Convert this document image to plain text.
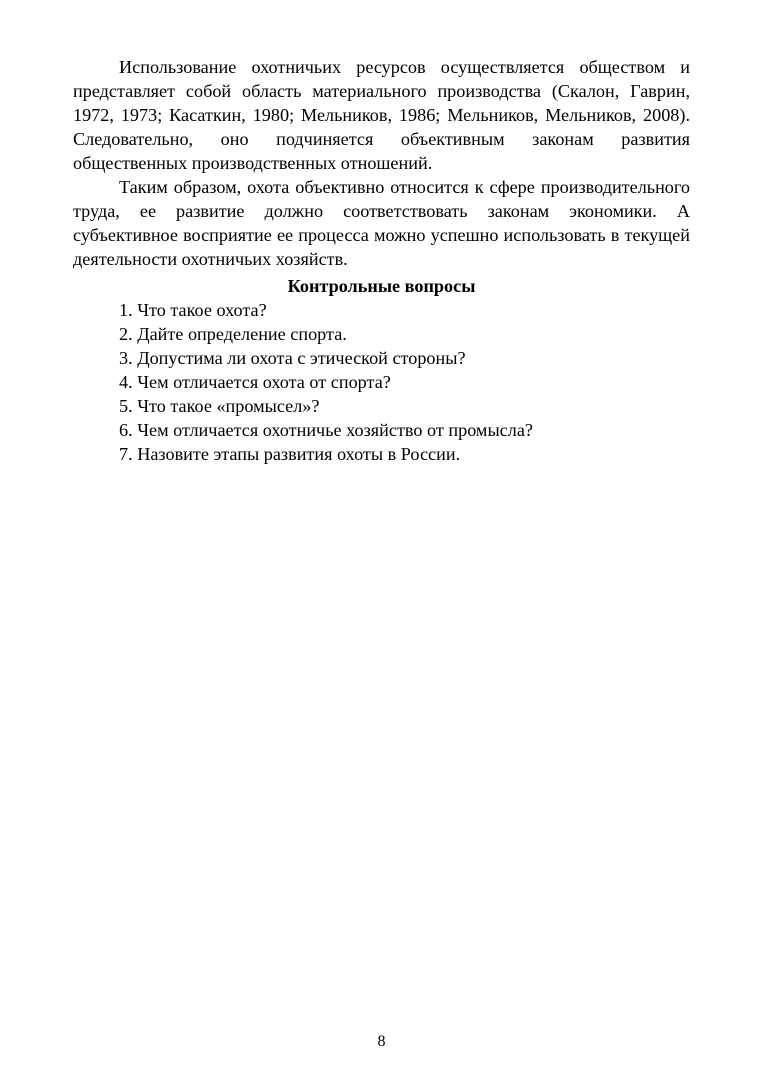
Использование охотничьих ресурсов осуществляется обществом и представляет собой область материального производства (Скалон, Гаврин, 1972, 1973; Касаткин, 1980; Мельников, 1986; Мельников, Мельников, 2008). Следовательно, оно подчиняется объективным законам развития общественных производственных отношений.

Таким образом, охота объективно относится к сфере производительного труда, ее развитие должно соответствовать законам экономики. А субъективное восприятие ее процесса можно успешно использовать в текущей деятельности охотничьих хозяйств.

Контрольные вопросы
1. Что такое охота?
2. Дайте определение спорта.
3. Допустима ли охота с этической стороны?
4. Чем отличается охота от спорта?
5. Что такое «промысел»?
6. Чем отличается охотничье хозяйство от промысла?
7. Назовите этапы развития охоты в России.
8
